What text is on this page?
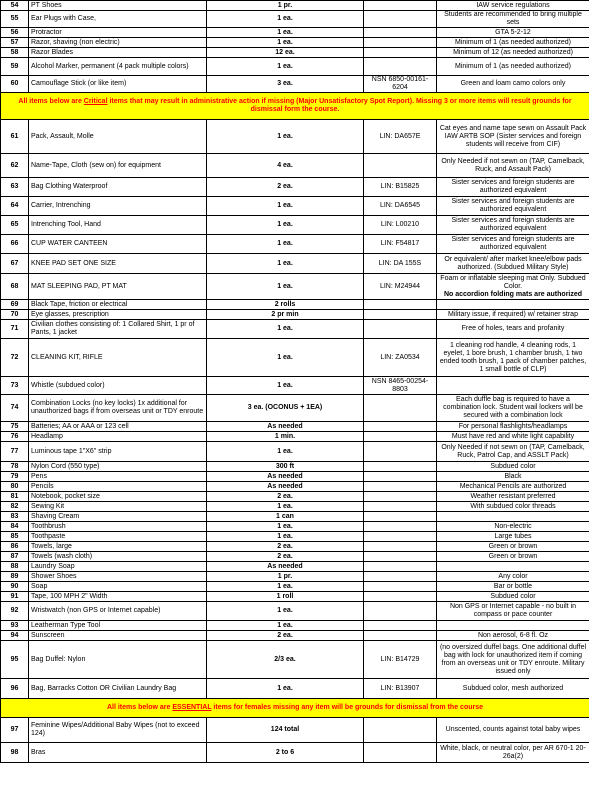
54	PT Shoes	1 pr.		IAW service regulations
55	Ear Plugs with Case,	1 ea.		Students are recommended to bring multiple sets
56	Protractor	1 ea.		GTA 5-2-12
57	Razor, shaving (non electric)	1 ea.		Minimum of 1 (as needed authorized)
58	Razor Blades	12 ea.		Minimum of 12 (as needed authorized)
59	Alcohol Marker, permanent (4 pack multiple colors)	1 ea.		Minimum of 1 (as needed authorized)
60	Camouflage Stick (or like item)	3 ea.	NSN 6850-00161-6204	Green and loam camo colors only
All items below are Critical items that may result in administrative action if missing (Major Unsatisfactory Spot Report). Missing 3 or more items will result grounds for dismissal form the course.				
61	Pack, Assault, Molle	1 ea.	LIN: DA657E	Cat eyes and name tape sewn on Assault Pack IAW ARTB SOP (Sister services and foreign students will receive from CIF)
62	Name-Tape, Cloth (sew on) for equipment	4 ea.		Only Needed if not sewn on (TAP, Camelback, Ruck, and Assault Pack)
63	Bag Clothing Waterproof	2 ea.	LIN: B15825	Sister services and foreign students are authorized equivalent
64	Carrier, Intrenching	1 ea.	LIN: DA6545	Sister services and foreign students are authorized equivalent
65	Intrenching Tool, Hand	1 ea.	LIN: L00210	Sister services and foreign students are authorized equivalent
66	CUP WATER CANTEEN	1 ea.	LIN: F54817	Sister services and foreign students are authorized equivalent
67	KNEE PAD SET ONE SIZE	1 ea.	LIN: DA 155S	Or equivalent/ after market knee/elbow pads authorized. (Subdued Military Style)
68	MAT SLEEPING PAD, PT MAT	1 ea.	LIN: M24944	Foam or inflatable sleeping mat Only. Subdued Color.
No accordion folding mats are authorized

69	Black Tape, friction or electrical	2 rolls		
70	Eye glasses, prescription	2 pr min		Military issue, if required) w/ retainer strap
71	Civilian clothes consisting of: 1 Collared Shirt, 1 pr of Pants, 1 jacket	1 ea.		Free of holes, tears and profanity
72	CLEANING KIT, RIFLE	1 ea.	LIN: ZA0534	1 cleaning rod handle, 4 cleaning rods, 1 eyelet, 1 bore brush, 1 chamber brush, 1 two ended tooth brush, 1 pack of chamber patches, 1 small bottle of CLP)
73	Whistle (subdued color)	1 ea.	NSN 8465-00254-8803	
74	Combination Locks (no key locks) 1x additional for unauthorized bags if from overseas unit or TDY enroute	3 ea. (OCONUS + 1EA)		Each duffle bag is required to have a combination lock. Student wail lockers will be secured with a combination lock
75	Batteries; AA or AAA or 123 cell	As needed		For personal flashlights/headlamps
76	Headlamp	1 min.		Must have red and white light capability
77	Luminous tape 1"X6" strip	1 ea.		Only Needed if not sewn on (TAP, Camelback, Ruck, Patrol Cap, and ASSLT Pack)
78	Nylon Cord (550 type)	300 ft		Subdued color
79	Pens	As needed		Black
80	Pencils	As needed		Mechanical Pencils are authorized
81	Notebook, pocket size	2 ea.		Weather resistant preferred
82	Sewing Kit	1 ea.		With subdued color threads
83	Shaving Cream	1 can		
84	Toothbrush	1 ea.		Non-electric
85	Toothpaste	1 ea.		Large tubes
86	Towels, large	2 ea.		Green or brown
87	Towels (wash cloth)	2 ea.		Green or brown
88	Laundry Soap	As needed		
89	Shower Shoes	1 pr.		Any color
90	Soap	1 ea.		Bar or bottle
91	Tape, 100 MPH 2" Width	1 roll		Subdued color
92	Wristwatch (non GPS or Internet capable)	1 ea.		Non GPS or Internet capable - no built in compass or pace counter
93	Leatherman Type Tool	1 ea.		
94	Sunscreen	2 ea.		Non aerosol, 6-8 fl. Oz
95	Bag Duffel: Nylon	2/3 ea.	LIN: B14729	(no oversized duffel bags. One additional duffel bag with lock for unauthorized item if coming from an overseas unit or TDY enroute. Military issued only
96	Bag, Barracks Cotton OR Civilian Laundry Bag	1 ea.	LIN: B13907	Subdued color, mesh authorized
All items below are ESSENTIAL items for females missing any item will be grounds for dismissal from the course				
97	Feminine Wipes/Additional Baby Wipes (not to exceed 124)	124 total		Unscented, counts against total baby wipes
98	Bras	2 to 6		White, black, or neutral color, per AR 670-1 20-26a(2)
